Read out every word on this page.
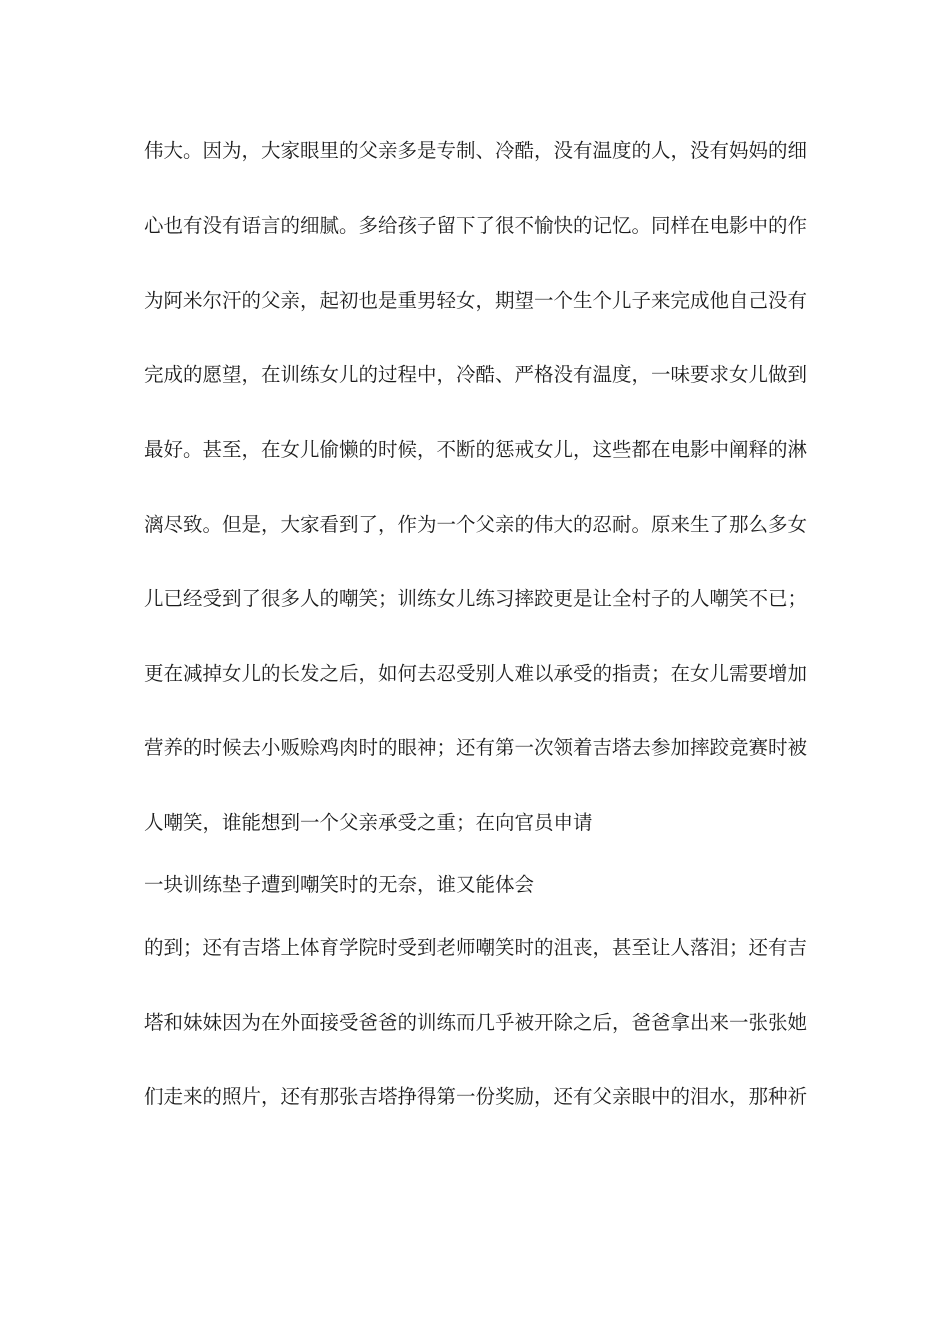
伟大。因为，大家眼里的父亲多是专制、冷酷，没有温度的人，没有妈妈的细
心也有没有语言的细腻。多给孩子留下了很不愉快的记忆。同样在电影中的作
为阿米尔汗的父亲，起初也是重男轻女，期望一个生个儿子来完成他自己没有
完成的愿望，在训练女儿的过程中，冷酷、严格没有温度，一味要求女儿做到
最好。甚至，在女儿偷懒的时候，不断的惩戒女儿，这些都在电影中阐释的淋
漓尽致。但是，大家看到了，作为一个父亲的伟大的忍耐。原来生了那么多女
儿已经受到了很多人的嘲笑；训练女儿练习摔跤更是让全村子的人嘲笑不已；
更在减掉女儿的长发之后，如何去忍受别人难以承受的指责；在女儿需要增加
营养的时候去小贩赊鸡肉时的眼神；还有第一次领着吉塔去参加摔跤竞赛时被
人嘲笑，谁能想到一个父亲承受之重；在向官员申请
一块训练垫子遭到嘲笑时的无奈，谁又能体会
的到；还有吉塔上体育学院时受到老师嘲笑时的沮丧，甚至让人落泪；还有吉
塔和妹妹因为在外面接受爸爸的训练而几乎被开除之后，爸爸拿出来一张张她
们走来的照片，还有那张吉塔挣得第一份奖励，还有父亲眼中的泪水，那种祈
